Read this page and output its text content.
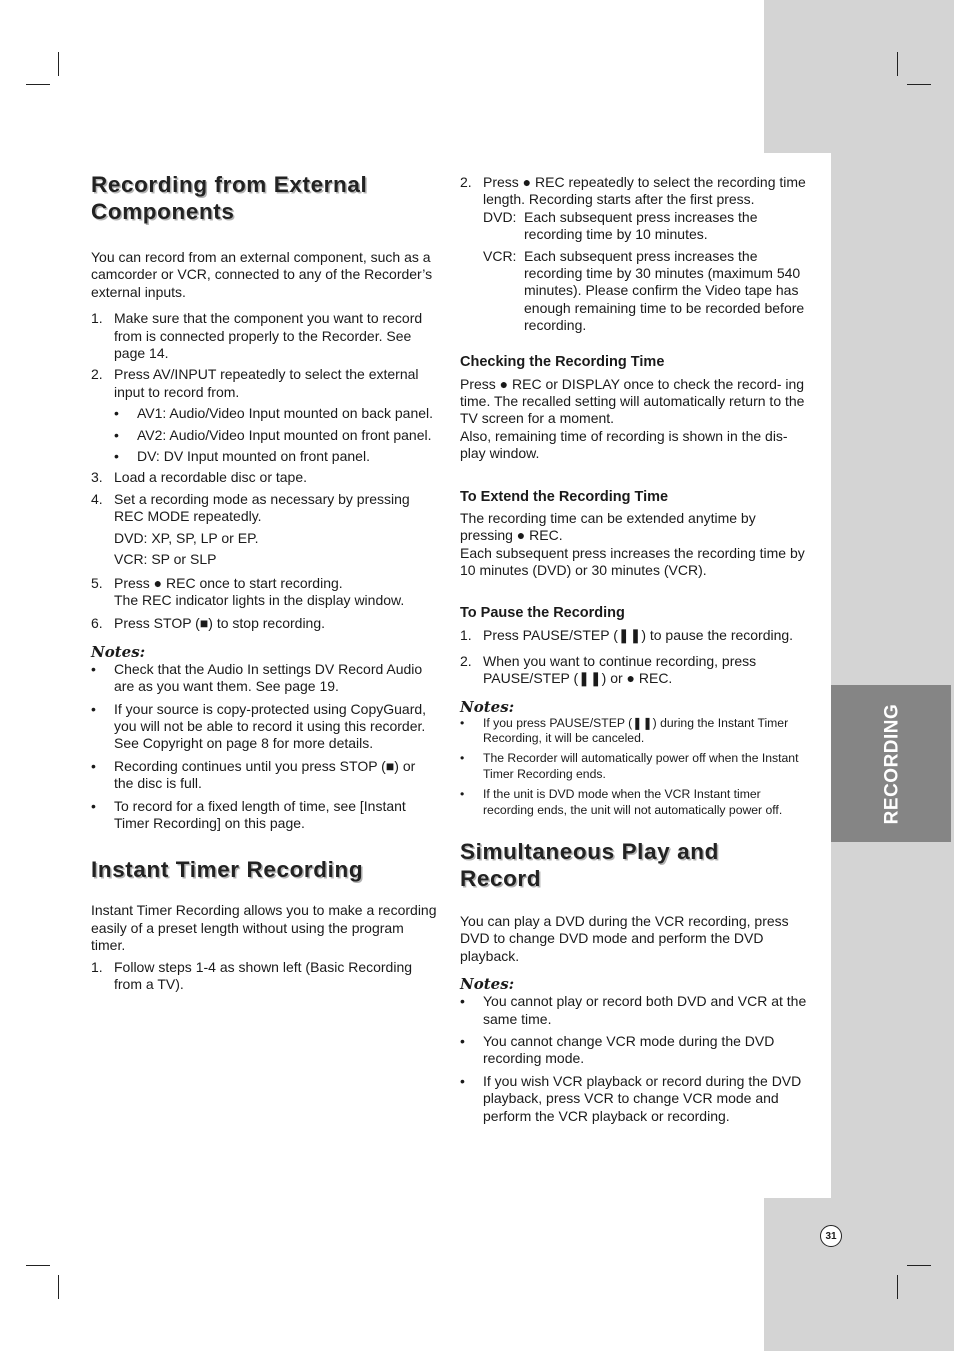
RECORDING
31
Recording from External
Components

You can record from an external component, such as a camcorder or VCR, connected to any of the Recorder’s external inputs.

1. Make sure that the component you want to record from is connected properly to the Recorder. See page 14.
2. Press AV/INPUT repeatedly to select the external input to record from.
• AV1: Audio/Video Input mounted on back panel.
• AV2: Audio/Video Input mounted on front panel.
• DV: DV Input mounted on front panel.
3. Load a recordable disc or tape.
4. Set a recording mode as necessary by pressing REC MODE repeatedly.

DVD: XP, SP, LP or EP.

VCR: SP or SLP

5. Press ● REC once to start recording.

The REC indicator lights in the display window.

6. Press STOP (■) to stop recording.

Notes:

• Check that the Audio In settings DV Record Audio are as you want them. See page 19.
• If your source is copy-protected using CopyGuard, you will not be able to record it using this recorder. See Copyright on page 8 for more details.
• Recording continues until you press STOP (■) or the disc is full.
• To record for a fixed length of time, see [Instant Timer Recording] on this page.
Instant Timer Recording

Instant Timer Recording allows you to make a recording easily of a preset length without using the program timer.

1. Follow steps 1-4 as shown left (Basic Recording from a TV).
2. Press ● REC repeatedly to select the recording time length. Recording starts after the first press.
DVD: Each subsequent press increases the recording time by 10 minutes.
VCR: Each subsequent press increases the recording time by 30 minutes (maximum 540 minutes). Please confirm the Video tape has enough remaining time to be recorded before recording.
Checking the Recording Time

Press ● REC or DISPLAY once to check the record- ing time. The recalled setting will automatically return to the TV screen for a moment.

Also, remaining time of recording is shown in the dis- play window.

To Extend the Recording Time

The recording time can be extended anytime by pressing ● REC.

Each subsequent press increases the recording time by 10 minutes (DVD) or 30 minutes (VCR).

To Pause the Recording
1. Press PAUSE/STEP (❚❚) to pause the recording.
2. When you want to continue recording, press PAUSE/STEP (❚❚) or ● REC.

Notes:

• If you press PAUSE/STEP (❚❚) during the Instant Timer Recording, it will be canceled.
• The Recorder will automatically power off when the Instant Timer Recording ends.
• If the unit is DVD mode when the VCR Instant timer recording ends, the unit will not automatically power off.
Simultaneous Play and
Record

You can play a DVD during the VCR recording, press DVD to change DVD mode and perform the DVD playback.

Notes:

• You cannot play or record both DVD and VCR at the same time.
• You cannot change VCR mode during the DVD recording mode.
• If you wish VCR playback or record during the DVD playback, press VCR to change VCR mode and perform the VCR playback or recording.
